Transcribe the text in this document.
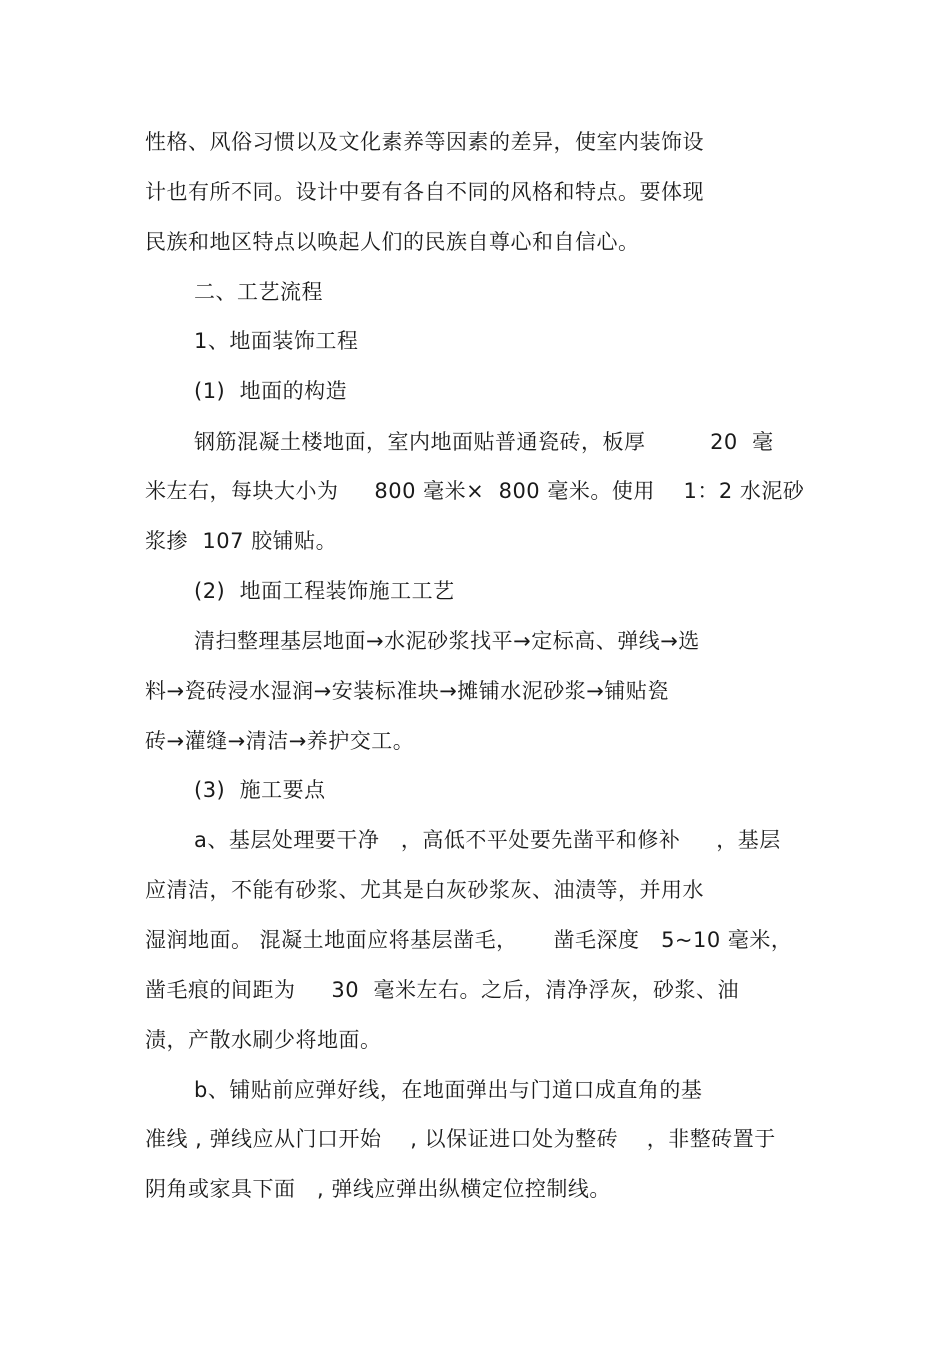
性格、风俗习惯以及文化素养等因素的差异，使室内装饰设
计也有所不同。设计中要有各自不同的风格和特点。要体现
民族和地区特点以唤起人们的民族自尊心和自信心。
二、工艺流程
1、地面装饰工程
(1)  地面的构造
钢筋混凝土楼地面，室内地面贴普通瓷砖，板厚         20  毫
米左右，每块大小为     800 毫米×  800 毫米。使用    1：2 水泥砂
浆掺  107 胶铺贴。
(2)  地面工程装饰施工工艺
清扫整理基层地面→水泥砂浆找平→定标高、弹线→选
料→瓷砖浸水湿润→安装标准块→摊铺水泥砂浆→铺贴瓷
砖→灌缝→清洁→养护交工。
(3)  施工要点
a、基层处理要干净   ，高低不平处要先凿平和修补     ，基层
应清洁，不能有砂浆、尤其是白灰砂浆灰、油渍等，并用水
湿润地面。 混凝土地面应将基层凿毛，     凿毛深度   5~10 毫米，
凿毛痕的间距为     30  毫米左右。之后，清净浮灰，砂浆、油
渍，产散水刷少将地面。
b、铺贴前应弹好线，在地面弹出与门道口成直角的基
准线 , 弹线应从门口开始    , 以保证进口处为整砖    ，非整砖置于
阴角或家具下面   , 弹线应弹出纵横定位控制线。
